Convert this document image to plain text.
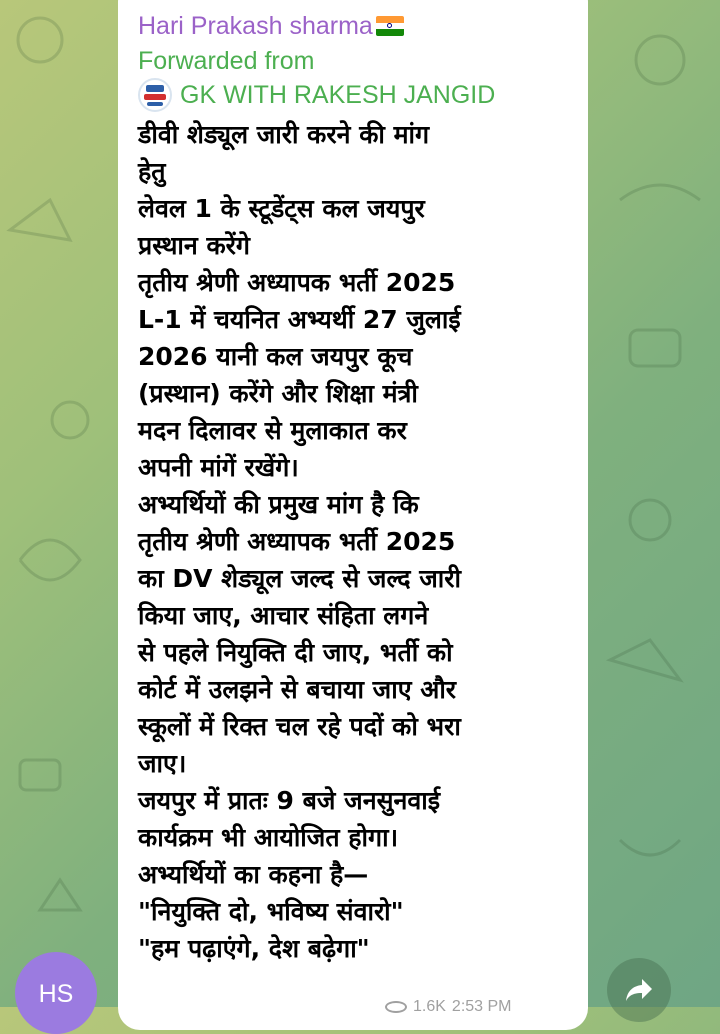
Hari Prakash sharma
Forwarded from
GK WITH RAKESH JANGID
डीवी शेड्यूल जारी करने की मांग
हेतु
लेवल 1 के स्टूडेंट्स कल जयपुर
प्रस्थान करेंगे
तृतीय श्रेणी अध्यापक भर्ती 2025
L-1 में चयनित अभ्यर्थी 27 जुलाई
2026 यानी कल जयपुर कूच
(प्रस्थान) करेंगे और शिक्षा मंत्री
मदन दिलावर से मुलाकात कर
अपनी मांगें रखेंगे।
अभ्यर्थियों की प्रमुख मांग है कि
तृतीय श्रेणी अध्यापक भर्ती 2025
का DV शेड्यूल जल्द से जल्द जारी
किया जाए, आचार संहिता लगने
से पहले नियुक्ति दी जाए, भर्ती को
कोर्ट में उलझने से बचाया जाए और
स्कूलों में रिक्त चल रहे पदों को भरा
जाए।
जयपुर में प्रातः 9 बजे जनसुनवाई
कार्यक्रम भी आयोजित होगा।
अभ्यर्थियों का कहना है—
"नियुक्ति दो, भविष्य संवारो"
"हम पढ़ाएंगे, देश बढ़ेगा"
1.6K 2:53 PM
HS
